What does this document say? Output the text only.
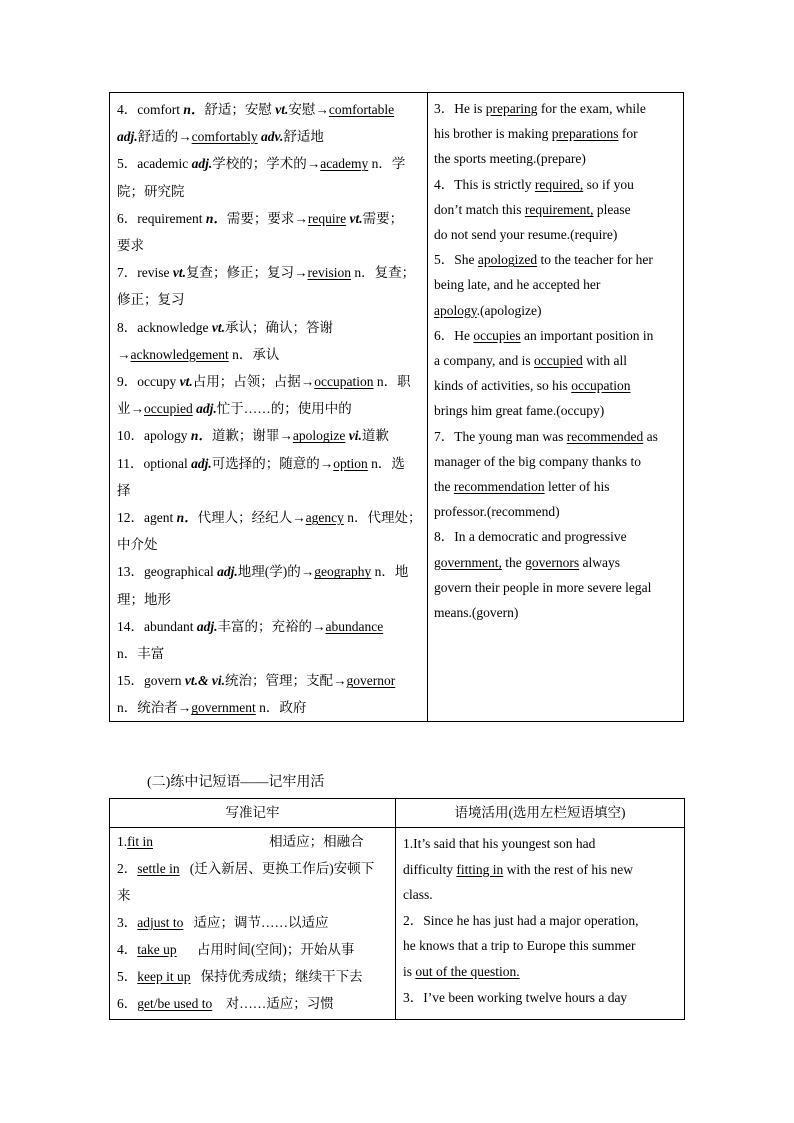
4．comfort n．舒适；安慰 vt.安慰→comfortable
adj.舒适的→comfortably adv.舒适地
5．academic adj.学校的；学术的→academy n．学
院；研究院
6．requirement n．需要；要求→require vt.需要；
要求
7．revise vt.复查；修正；复习→revision n．复查；
修正；复习
8．acknowledge vt.承认；确认；答谢
→acknowledgement n．承认
9．occupy vt.占用；占领；占据→occupation n．职
业→occupied adj.忙于……的；使用中的
10．apology n．道歉；谢罪→apologize vi.道歉
11．optional adj.可选择的；随意的→option n．选
择
12．agent n．代理人；经纪人→agency n．代理处；
中介处
13．geographical adj.地理(学)的→geography n．地
理；地形
14．abundant adj.丰富的；充裕的→abundance
n．丰富
15．govern vt.& vi.统治；管理；支配→governor
n．统治者→government n．政府
3．He is preparing for the exam, while
his brother is making preparations for
the sports meeting.(prepare)
4．This is strictly required, so if you
don’t match this requirement, please
do not send your resume.(require)
5．She apologized to the teacher for her
being late, and he accepted her
apology.(apologize)
6．He occupies an important position in
a company, and is occupied with all
kinds of activities, so his occupation
brings him great fame.(occupy)
7．The young man was recommended as
manager of the big company thanks to
the recommendation letter of his
professor.(recommend)
8．In a democratic and progressive
government, the governors always
govern their people in more severe legal
means.(govern)
(二)练中记短语——记牢用活
写准记牢	语境活用(选用左栏短语填空)
1.fit in	相适应；相融合
2．settle in (迁入新居、更换工作后)安顿下
来
3．adjust to 适应；调节……以适应
4．take up 占用时间(空间)；开始从事
5．keep it up 保持优秀成绩；继续干下去
6．get/be used to 对……适应；习惯
1.It’s said that his youngest son had
difficulty fitting in with the rest of his new
class.
2．Since he has just had a major operation,
he knows that a trip to Europe this summer
is out of the question.
3．I’ve been working twelve hours a day
